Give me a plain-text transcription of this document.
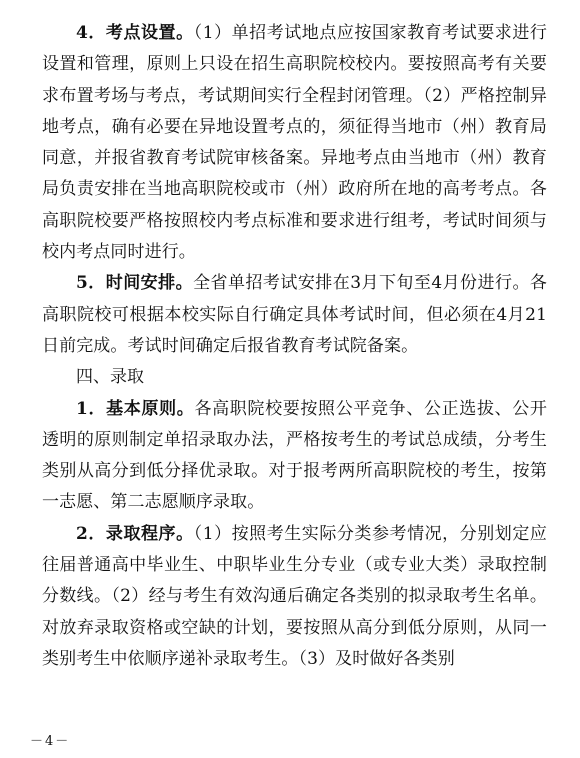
4．考点设置。（1）单招考试地点应按国家教育考试要求进行设置和管理，原则上只设在招生高职院校校内。要按照高考有关要求布置考场与考点，考试期间实行全程封闭管理。（2）严格控制异地考点，确有必要在异地设置考点的，须征得当地市（州）教育局同意，并报省教育考试院审核备案。异地考点由当地市（州）教育局负责安排在当地高职院校或市（州）政府所在地的高考考点。各高职院校要严格按照校内考点标准和要求进行组考，考试时间须与校内考点同时进行。

5．时间安排。全省单招考试安排在3月下旬至4月份进行。各高职院校可根据本校实际自行确定具体考试时间，但必须在4月21日前完成。考试时间确定后报省教育考试院备案。

四、录取

1．基本原则。各高职院校要按照公平竞争、公正选拔、公开透明的原则制定单招录取办法，严格按考生的考试总成绩，分考生类别从高分到低分择优录取。对于报考两所高职院校的考生，按第一志愿、第二志愿顺序录取。

2．录取程序。（1）按照考生实际分类参考情况，分别划定应往届普通高中毕业生、中职毕业生分专业（或专业大类）录取控制分数线。（2）经与考生有效沟通后确定各类别的拟录取考生名单。对放弃录取资格或空缺的计划，要按照从高分到低分原则，从同一类别考生中依顺序递补录取考生。（3）及时做好各类别

－4－
